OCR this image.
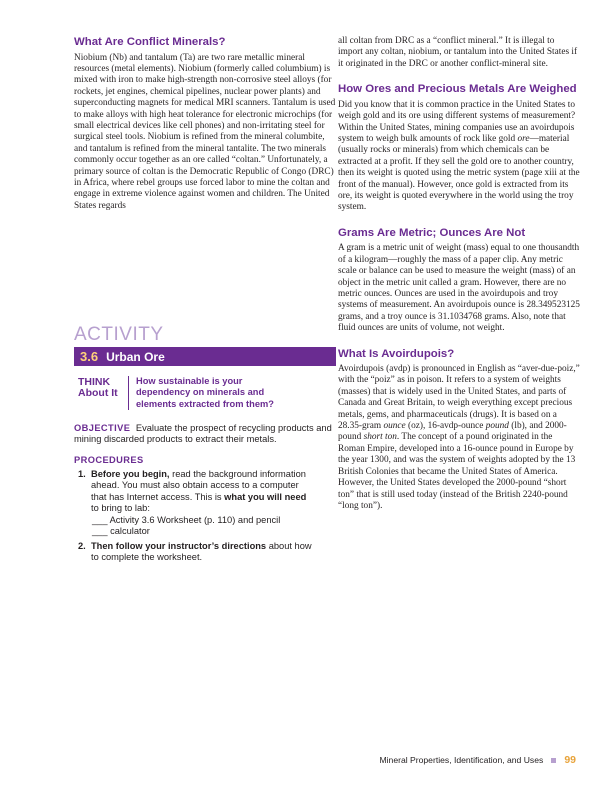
What Are Conflict Minerals?

Niobium (Nb) and tantalum (Ta) are two rare metallic mineral resources (metal elements). Niobium (formerly called columbium) is mixed with iron to make high-strength non-corrosive steel alloys (for rockets, jet engines, chemical pipelines, nuclear power plants) and superconducting magnets for medical MRI scanners. Tantalum is used to make alloys with high heat tolerance for electronic microchips (for small electrical devices like cell phones) and non-irritating steel for surgical steel tools. Niobium is refined from the mineral columbite, and tantalum is refined from the mineral tantalite. The two minerals commonly occur together as an ore called “coltan.” Unfortunately, a primary source of coltan is the Democratic Republic of Congo (DRC) in Africa, where rebel groups use forced labor to mine the coltan and engage in extreme violence against women and children. The United States regards

ACTIVITY
3.6 Urban Ore
THINK
About It
How sustainable is your dependency on minerals and elements extracted from them?
OBJECTIVE Evaluate the prospect of recycling products and mining discarded products to extract their metals.
PROCEDURES
1. Before you begin, read the background information ahead. You must also obtain access to a computer that has Internet access. This is what you will need to bring to lab:
___ Activity 3.6 Worksheet (p. 110) and pencil
___ calculator
2. Then follow your instructor’s directions about how to complete the worksheet.

all coltan from DRC as a “conflict mineral.” It is illegal to import any coltan, niobium, or tantalum into the United States if it originated in the DRC or another conflict-mineral site.

How Ores and Precious Metals Are Weighed

Did you know that it is common practice in the United States to weigh gold and its ore using different systems of measurement? Within the United States, mining companies use an avoirdupois system to weigh bulk amounts of rock like gold ore—material (usually rocks or minerals) from which chemicals can be extracted at a profit. If they sell the gold ore to another country, then its weight is quoted using the metric system (page xiii at the front of the manual). However, once gold is extracted from its ore, its weight is quoted everywhere in the world using the troy system.

Grams Are Metric; Ounces Are Not

A gram is a metric unit of weight (mass) equal to one thousandth of a kilogram—roughly the mass of a paper clip. Any metric scale or balance can be used to measure the weight (mass) of an object in the metric unit called a gram. However, there are no metric ounces. Ounces are used in the avoirdupois and troy systems of measurement. An avoirdupois ounce is 28.349523125 grams, and a troy ounce is 31.1034768 grams. Also, note that fluid ounces are units of volume, not weight.

What Is Avoirdupois?

Avoirdupois (avdp) is pronounced in English as “aver-due-poiz,” with the “poiz” as in poison. It refers to a system of weights (masses) that is widely used in the United States, and parts of Canada and Great Britain, to weigh everything except precious metals, gems, and pharmaceuticals (drugs). It is based on a 28.35-gram ounce (oz), 16-avdp-ounce pound (lb), and 2000-pound short ton. The concept of a pound originated in the Roman Empire, developed into a 16-ounce pound in Europe by the year 1300, and was the system of weights adopted by the 13 British Colonies that became the United States of America. However, the United States developed the 2000-pound “short ton” that is still used today (instead of the British 2240-pound “long ton”).

Mineral Properties, Identification, and Uses 99
